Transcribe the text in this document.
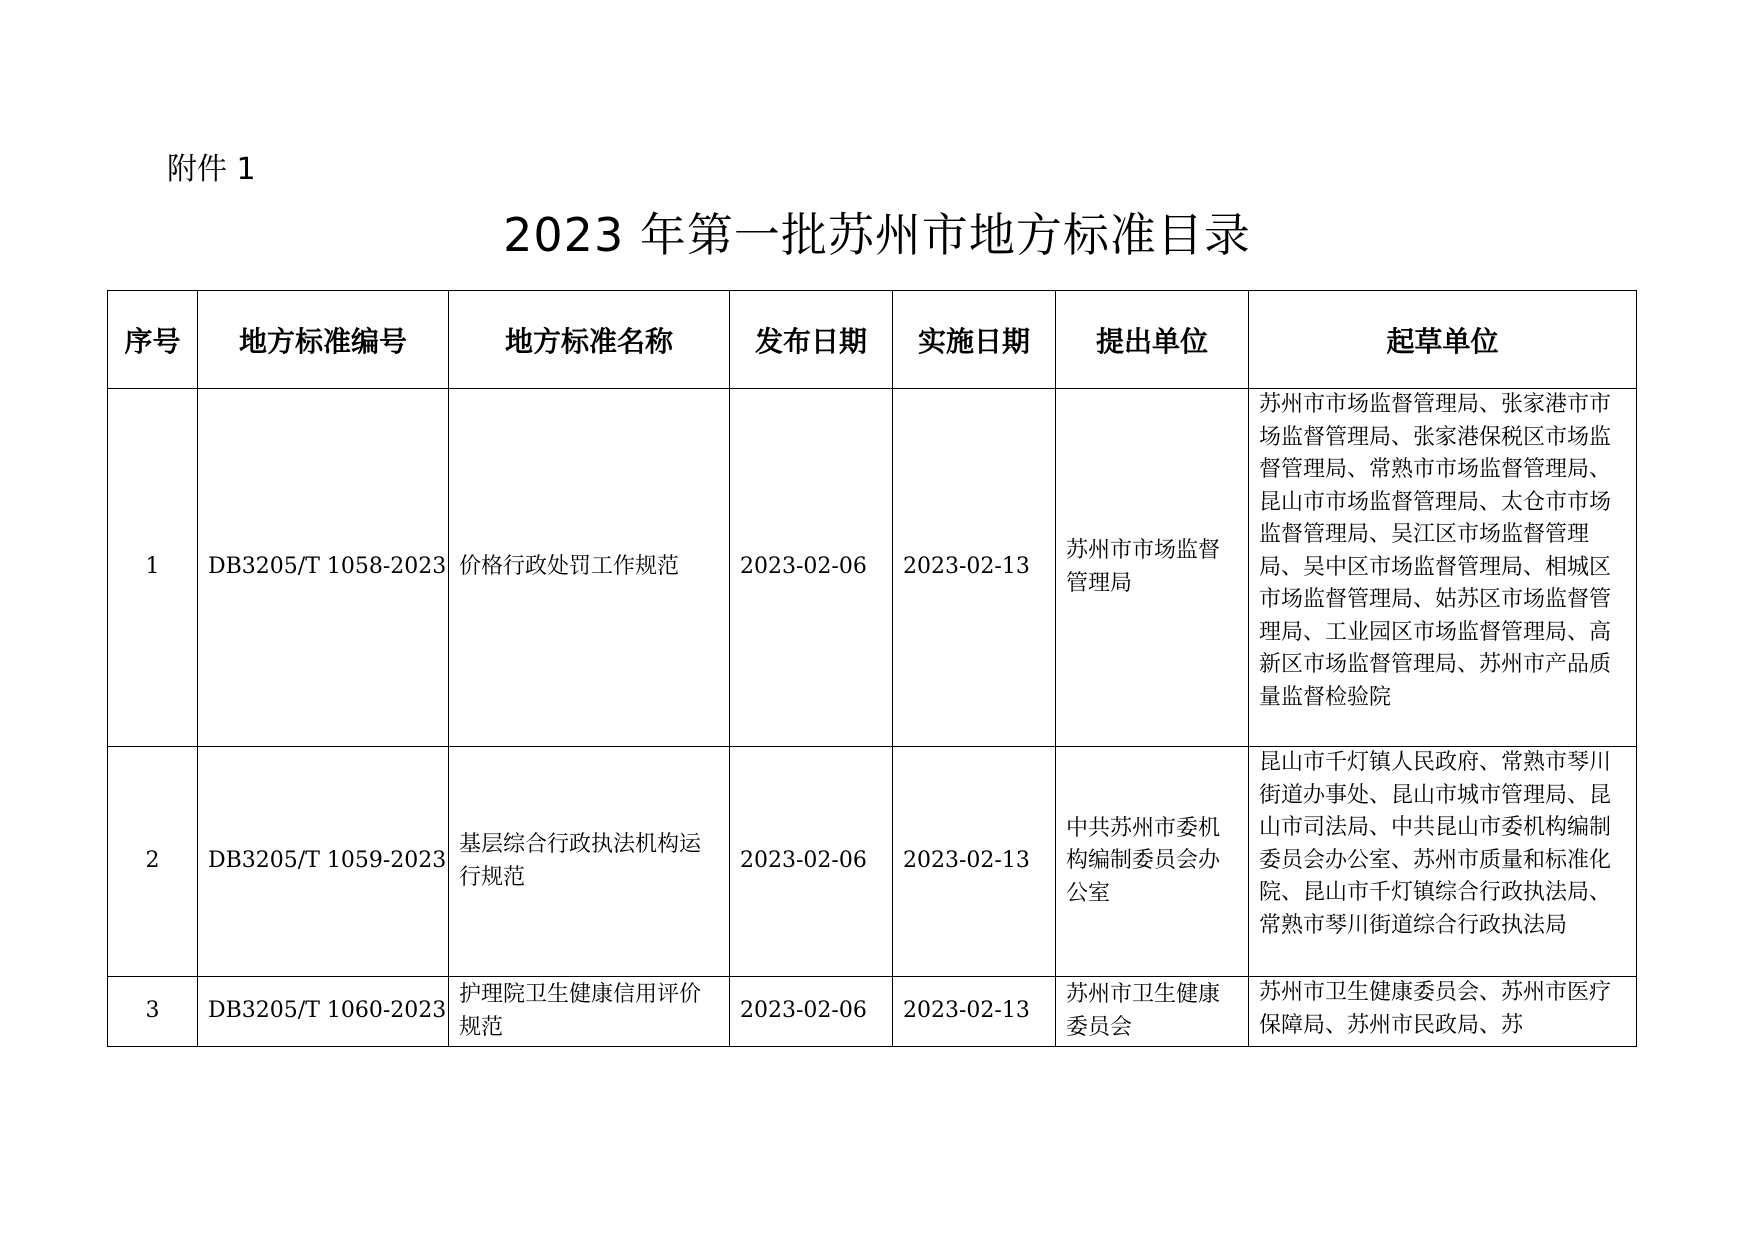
附件 1
2023 年第一批苏州市地方标准目录
序号	地方标准编号	地方标准名称	发布日期	实施日期	提出单位	起草单位
1	DB3205/T 1058-2023	价格行政处罚工作规范	2023-02-06	2023-02-13	苏州市市场监督管理局	苏州市市场监督管理局、张家港市市场监督管理局、张家港保税区市场监督管理局、常熟市市场监督管理局、昆山市市场监督管理局、太仓市市场监督管理局、吴江区市场监督管理局、吴中区市场监督管理局、相城区市场监督管理局、姑苏区市场监督管理局、工业园区市场监督管理局、高新区市场监督管理局、苏州市产品质量监督检验院
2	DB3205/T 1059-2023	基层综合行政执法机构运行规范	2023-02-06	2023-02-13	中共苏州市委机构编制委员会办公室	昆山市千灯镇人民政府、常熟市琴川街道办事处、昆山市城市管理局、昆山市司法局、中共昆山市委机构编制委员会办公室、苏州市质量和标准化院、昆山市千灯镇综合行政执法局、常熟市琴川街道综合行政执法局
3	DB3205/T 1060-2023	护理院卫生健康信用评价规范	2023-02-06	2023-02-13	苏州市卫生健康委员会	苏州市卫生健康委员会、苏州市医疗保障局、苏州市民政局、苏
